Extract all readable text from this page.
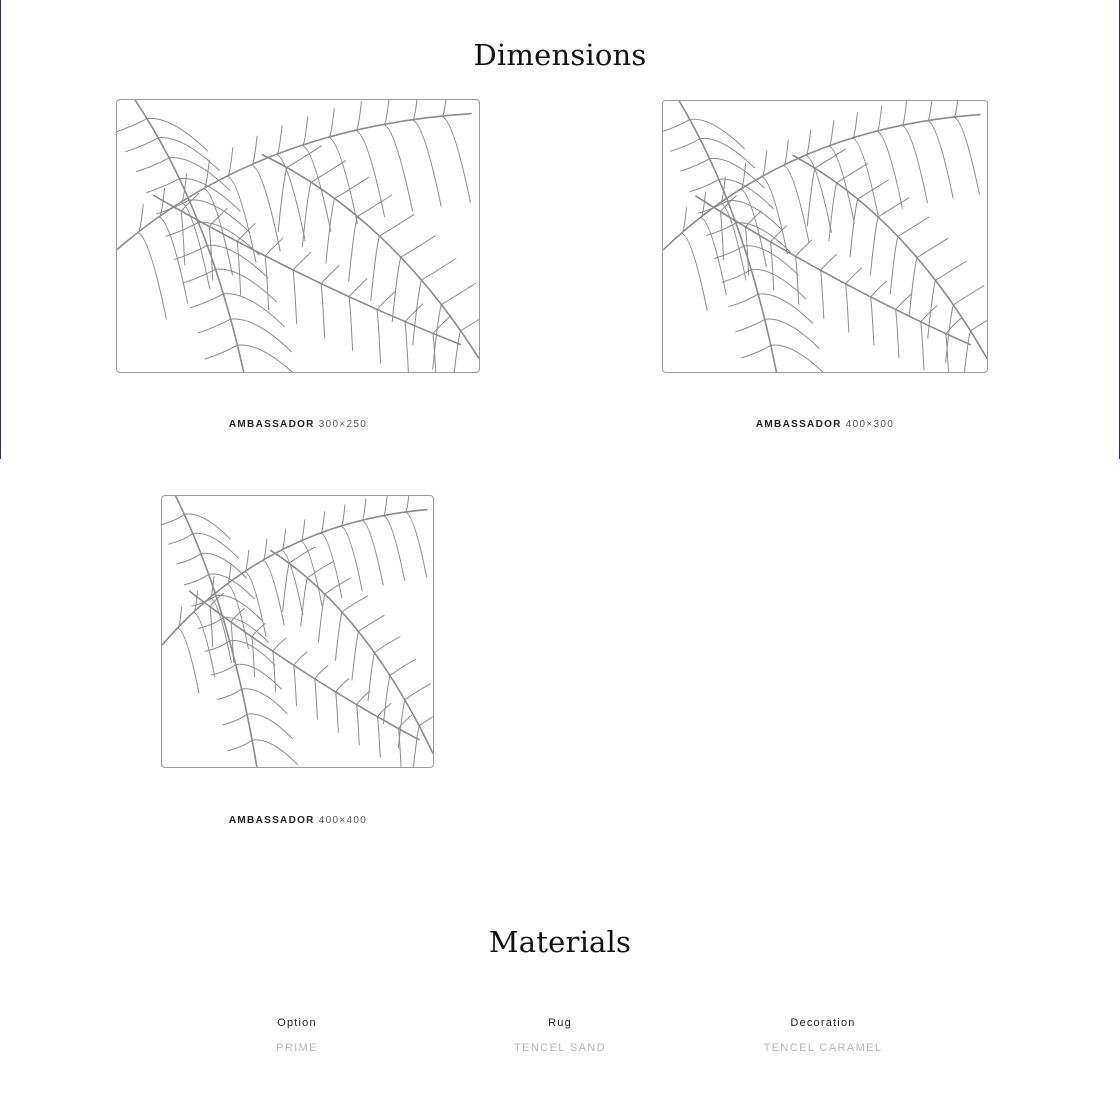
Dimensions
AMBASSADOR 300×250	AMBASSADOR 400×300
AMBASSADOR 400×400
Materials
Option
PRIME
Rug
TENCEL SAND
Decoration
TENCEL CARAMEL
